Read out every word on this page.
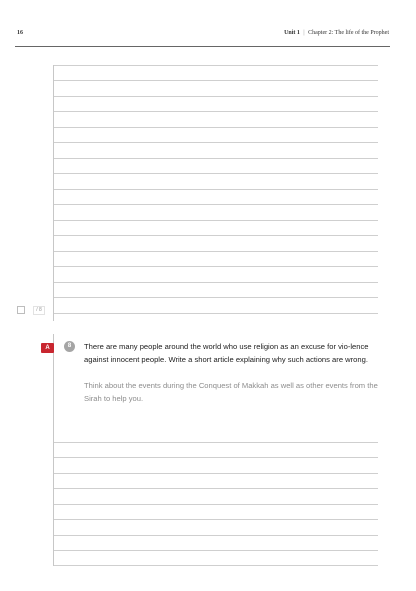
16	Unit 1 | Chapter 2: The life of the Prophet
/ 8
A	8	There are many people around the world who use religion as an excuse for vio-lence against innocent people. Write a short article explaining why such actions are wrong.

Think about the events during the Conquest of Makkah as well as other events from the Sirah to help you.
